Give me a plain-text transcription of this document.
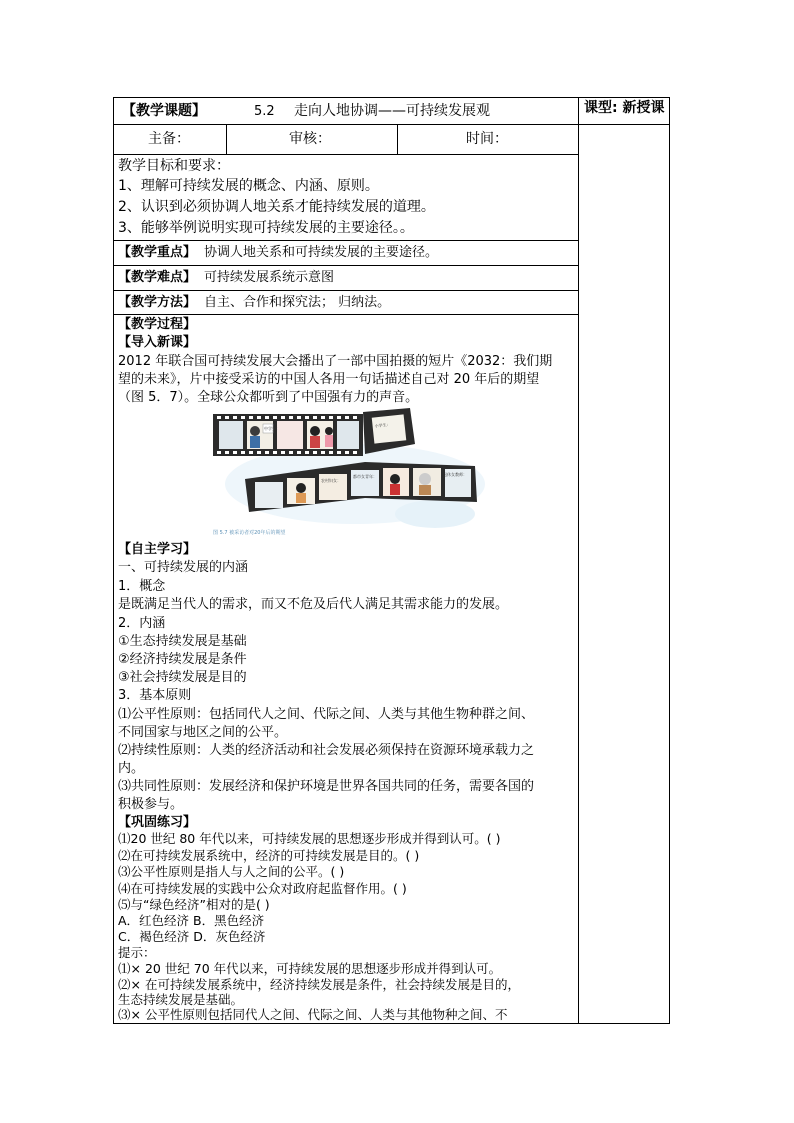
【教学课题】	5.2 走向人地协调——可持续发展观	课型: 新授课
主备：	审核：	时间：
教学目标和要求：
1、理解可持续发展的概念、内涵、原则。
2、认识到必须协调人地关系才能持续发展的道理。
3、能够举例说明实现可持续发展的主要途径。。
【教学重点】 协调人地关系和可持续发展的主要途径。
【教学难点】 可持续发展系统示意图
【教学方法】 自主、合作和探究法； 归纳法。
【教学过程】
【导入新课】
2012 年联合国可持续发展大会播出了一部中国拍摄的短片《2032：我们期
望的未来》，片中接受采访的中国人各用一句话描述自己对 20 年后的期望
（图 5．7）。全球公众都听到了中国强有力的声音。
中学生：
小学生：
农村妇女：
都市女青年：	退休女教师：
图 5.7 被采访者对20年后的期望
【自主学习】
一、可持续发展的内涵
1．概念
是既满足当代人的需求，而又不危及后代人满足其需求能力的发展。
2．内涵
①生态持续发展是基础
②经济持续发展是条件
③社会持续发展是目的
3．基本原则
⑴公平性原则：包括同代人之间、代际之间、人类与其他生物种群之间、
不同国家与地区之间的公平。
⑵持续性原则：人类的经济活动和社会发展必须保持在资源环境承载力之
内。
⑶共同性原则：发展经济和保护环境是世界各国共同的任务，需要各国的
积极参与。
【巩固练习】
⑴20 世纪 80 年代以来，可持续发展的思想逐步形成并得到认可。( )
⑵在可持续发展系统中，经济的可持续发展是目的。( )
⑶公平性原则是指人与人之间的公平。( )
⑷在可持续发展的实践中公众对政府起监督作用。( )
⑸与“绿色经济”相对的是( )
A．红色经济 B．黑色经济
C．褐色经济 D．灰色经济
提示：
⑴× 20 世纪 70 年代以来，可持续发展的思想逐步形成并得到认可。
⑵× 在可持续发展系统中，经济持续发展是条件，社会持续发展是目的，
生态持续发展是基础。
⑶× 公平性原则包括同代人之间、代际之间、人类与其他物种之间、不
